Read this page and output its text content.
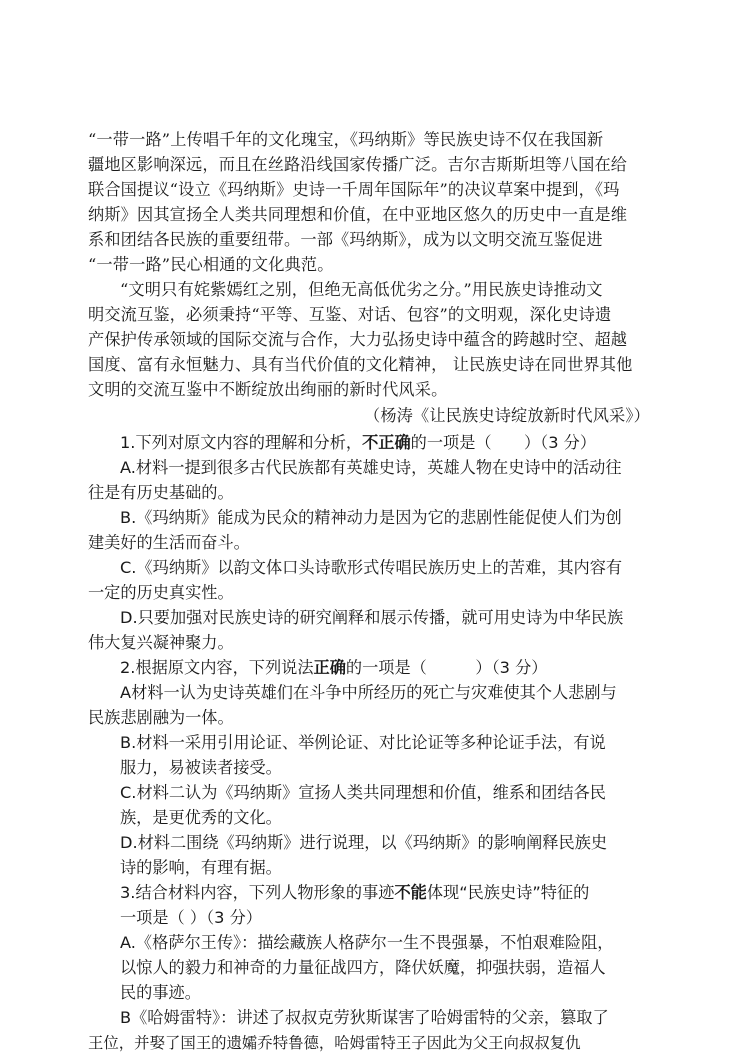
“一带一路”上传唱千年的文化瑰宝，《玛纳斯》等民族史诗不仅在我国新
疆地区影响深远，而且在丝路沿线国家传播广泛。吉尔吉斯斯坦等八国在给
联合国提议“设立《玛纳斯》史诗一千周年国际年”的决议草案中提到，《玛
纳斯》因其宣扬全人类共同理想和价值，在中亚地区悠久的历史中一直是维
系和团结各民族的重要纽带。一部《玛纳斯》，成为以文明交流互鉴促进
“一带一路”民心相通的文化典范。
“文明只有姹紫嫣红之别，但绝无高低优劣之分。”用民族史诗推动文
明交流互鉴，必须秉持“平等、互鉴、对话、包容”的文明观，深化史诗遗
产保护传承领域的国际交流与合作，大力弘扬史诗中蕴含的跨越时空、超越
国度、富有永恒魅力、具有当代价值的文化精神， 让民族史诗在同世界其他
文明的交流互鉴中不断绽放出绚丽的新时代风采。
（杨涛《让民族史诗绽放新时代风采》）
1.下列对原文内容的理解和分析，不正确的一项是（　　）（3 分）
A.材料一提到很多古代民族都有英雄史诗，英雄人物在史诗中的活动往
往是有历史基础的。
B.《玛纳斯》能成为民众的精神动力是因为它的悲剧性能促使人们为创
建美好的生活而奋斗。
C.《玛纳斯》以韵文体口头诗歌形式传唱民族历史上的苦难，其内容有
一定的历史真实性。
D.只要加强对民族史诗的研究阐释和展示传播，就可用史诗为中华民族
伟大复兴凝神聚力。
2.根据原文内容，下列说法正确的一项是（　　　）（3 分）
A材料一认为史诗英雄们在斗争中所经历的死亡与灾难使其个人悲剧与
民族悲剧融为一体。
B.材料一采用引用论证、举例论证、对比论证等多种论证手法，有说
服力，易被读者接受。
C.材料二认为《玛纳斯》宣扬人类共同理想和价值，维系和团结各民
族，是更优秀的文化。
D.材料二围绕《玛纳斯》进行说理，以《玛纳斯》的影响阐释民族史
诗的影响，有理有据。
3.结合材料内容，下列人物形象的事迹不能体现“民族史诗”特征的
一项是（ ）（3 分）
A.《格萨尔王传》：描绘藏族人格萨尔一生不畏强暴，不怕艰难险阻，
以惊人的毅力和神奇的力量征战四方，降伏妖魔，抑强扶弱，造福人
民的事迹。
B《哈姆雷特》：讲述了叔叔克劳狄斯谋害了哈姆雷特的父亲，篡取了
王位，并娶了国王的遗孀乔特鲁德，哈姆雷特王子因此为父王向叔叔复仇
